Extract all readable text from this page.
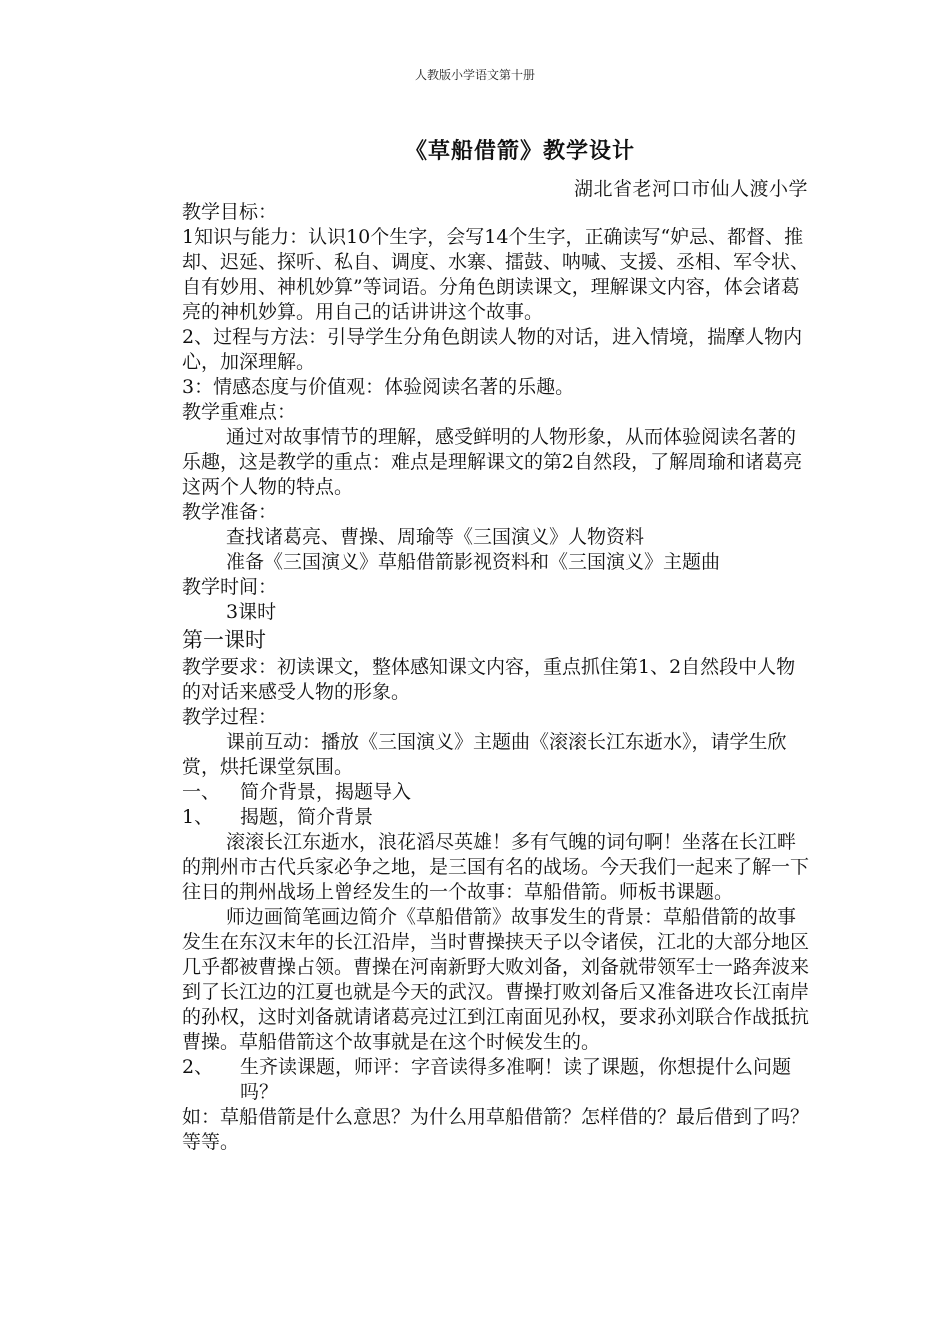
人教版小学语文第十册
《草船借箭》教学设计
湖北省老河口市仙人渡小学

教学目标：

1知识与能力：认识10个生字，会写14个生字，正确读写“妒忌、都督、推却、迟延、探听、私自、调度、水寨、擂鼓、呐喊、支援、丞相、军令状、自有妙用、神机妙算”等词语。分角色朗读课文，理解课文内容，体会诸葛亮的神机妙算。用自己的话讲讲这个故事。

2、过程与方法：引导学生分角色朗读人物的对话，进入情境，揣摩人物内心，加深理解。

3：情感态度与价值观：体验阅读名著的乐趣。

教学重难点：

通过对故事情节的理解，感受鲜明的人物形象，从而体验阅读名著的乐趣，这是教学的重点：难点是理解课文的第2自然段，了解周瑜和诸葛亮这两个人物的特点。

教学准备：

查找诸葛亮、曹操、周瑜等《三国演义》人物资料

准备《三国演义》草船借箭影视资料和《三国演义》主题曲

教学时间：

3课时

第一课时

教学要求：初读课文，整体感知课文内容，重点抓住第1、2自然段中人物的对话来感受人物的形象。

教学过程：

课前互动：播放《三国演义》主题曲《滚滚长江东逝水》，请学生欣赏，烘托课堂氛围。

一、	简介背景，揭题导入
1、	揭题，简介背景

滚滚长江东逝水，浪花滔尽英雄！多有气魄的词句啊！坐落在长江畔的荆州市古代兵家必争之地，是三国有名的战场。今天我们一起来了解一下往日的荆州战场上曾经发生的一个故事：草船借箭。师板书课题。

师边画简笔画边简介《草船借箭》故事发生的背景：草船借箭的故事发生在东汉末年的长江沿岸，当时曹操挟天子以令诸侯，江北的大部分地区几乎都被曹操占领。曹操在河南新野大败刘备，刘备就带领军士一路奔波来到了长江边的江夏也就是今天的武汉。曹操打败刘备后又准备进攻长江南岸的孙权，这时刘备就请诸葛亮过江到江南面见孙权，要求孙刘联合作战抵抗曹操。草船借箭这个故事就是在这个时候发生的。

2、	生齐读课题，师评：字音读得多准啊！读了课题，你想提什么问题吗？

如：草船借箭是什么意思？为什么用草船借箭？怎样借的？最后借到了吗？等等。
